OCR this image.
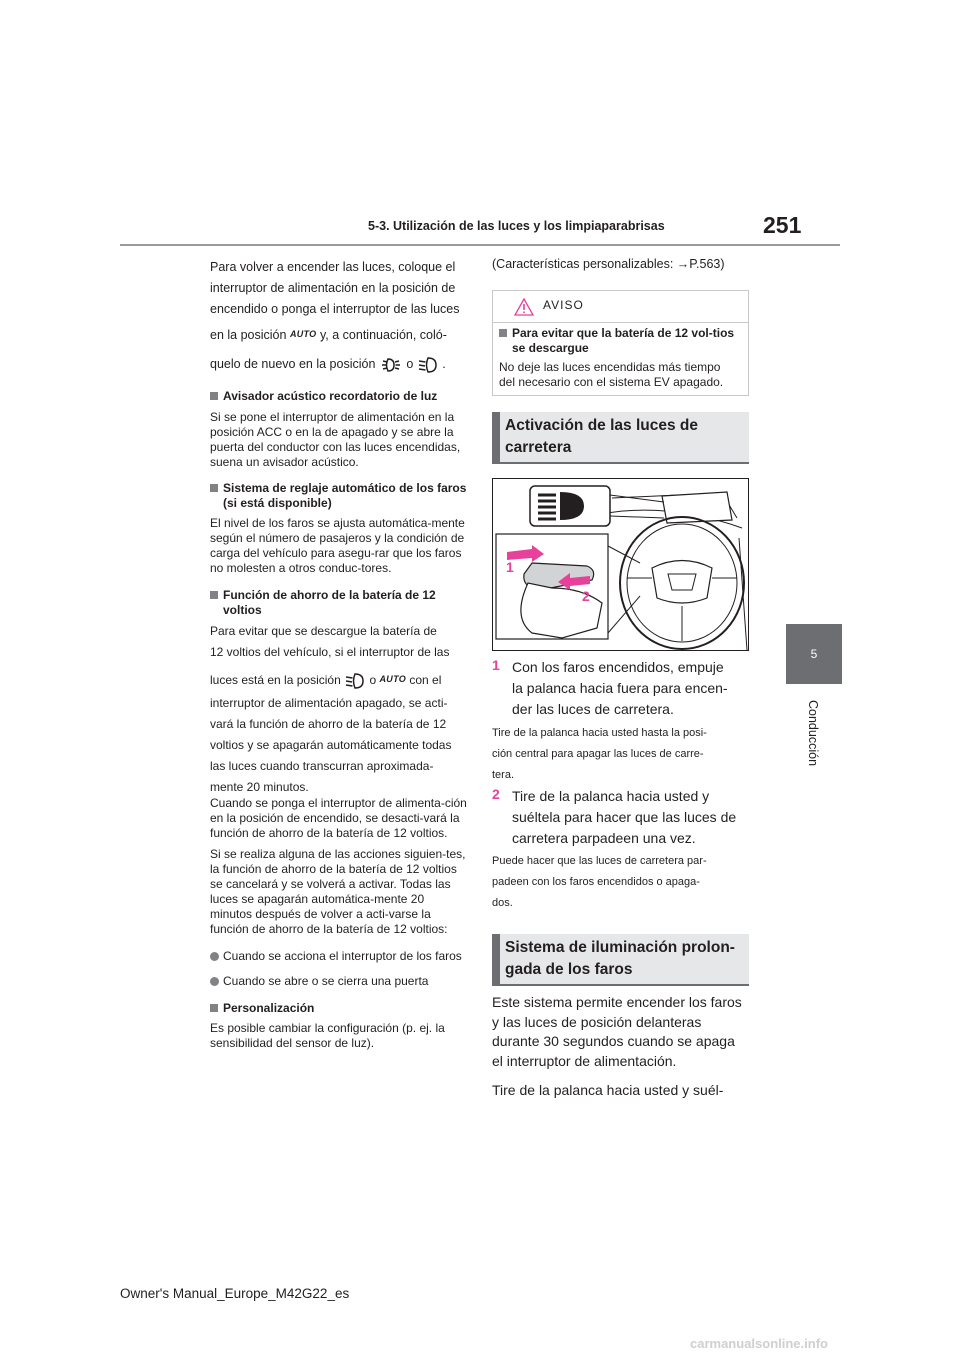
5-3. Utilización de las luces y los limpiaparabrisas	251
5
Conducción
Para volver a encender las luces, coloque el
interruptor de alimentación en la posición de
encendido o ponga el interruptor de las luces
en la posición AUTO y, a continuación, coló-
quelo de nuevo en la posición o .
Avisador acústico recordatorio de luz

Si se pone el interruptor de alimentación en la posición ACC o en la de apagado y se abre la puerta del conductor con las luces encendidas, suena un avisador acústico.

Sistema de reglaje automático de los faros (si está disponible)

El nivel de los faros se ajusta automática-mente según el número de pasajeros y la condición de carga del vehículo para asegu-rar que los faros no molesten a otros conduc-tores.

Función de ahorro de la batería de 12 voltios
Para evitar que se descargue la batería de
12 voltios del vehículo, si el interruptor de las
luces está en la posición o AUTO con el
interruptor de alimentación apagado, se acti-
vará la función de ahorro de la batería de 12
voltios y se apagarán automáticamente todas
las luces cuando transcurran aproximada-
mente 20 minutos.

Cuando se ponga el interruptor de alimenta-ción en la posición de encendido, se desacti-vará la función de ahorro de la batería de 12 voltios.

Si se realiza alguna de las acciones siguien-tes, la función de ahorro de la batería de 12 voltios se cancelará y se volverá a activar. Todas las luces se apagarán automática-mente 20 minutos después de volver a acti-varse la función de ahorro de la batería de 12 voltios:

Cuando se acciona el interruptor de los faros
Cuando se abre o se cierra una puerta
Personalización

Es posible cambiar la configuración (p. ej. la sensibilidad del sensor de luz).

(Características personalizables: →P.563)
AVISO
Para evitar que la batería de 12 vol-tios se descargue

No deje las luces encendidas más tiempo del necesario con el sistema EV apagado.

Activación de las luces de carretera
1
2
1 Con los faros encendidos, empuje
la palanca hacia fuera para encen-
der las luces de carretera.
Tire de la palanca hacia usted hasta la posi-
ción central para apagar las luces de carre-
tera.
2 Tire de la palanca hacia usted y
suéltela para hacer que las luces de
carretera parpadeen una vez.
Puede hacer que las luces de carretera par-
padeen con los faros encendidos o apaga-
dos.
Sistema de iluminación prolon-gada de los faros

Este sistema permite encender los faros y las luces de posición delanteras durante 30 segundos cuando se apaga el interruptor de alimentación.

Tire de la palanca hacia usted y suél-

Owner's Manual_Europe_M42G22_es
carmanualsonline.info
